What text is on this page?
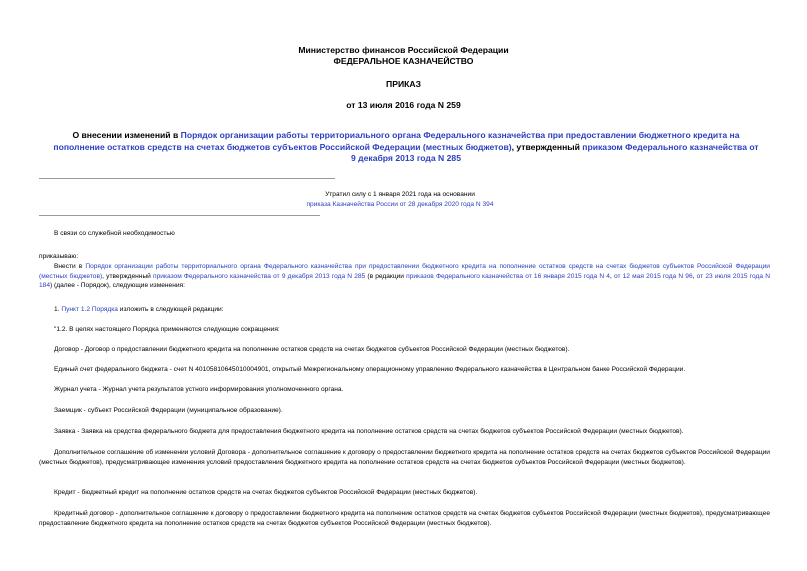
Министерство финансов Российской Федерации
ФЕДЕРАЛЬНОЕ КАЗНАЧЕЙСТВО
ПРИКАЗ
от 13 июля 2016 года N 259
О внесении изменений в Порядок организации работы территориального органа Федерального казначейства при предоставлении бюджетного кредита на пополнение остатков средств на счетах бюджетов субъектов Российской Федерации (местных бюджетов), утвержденный приказом Федерального казначейства от 9 декабря 2013 года N 285
Утратил силу с 1 января 2021 года на основании
приказа Казначейства России от 28 декабря 2020 года N 394
В связи со служебной необходимостью
приказываю:
Внести в Порядок организации работы территориального органа Федерального казначейства при предоставлении бюджетного кредита на пополнение остатков средств на счетах бюджетов субъектов Российской Федерации (местных бюджетов), утвержденный приказом Федерального казначейства от 9 декабря 2013 года N 285 (в редакции приказов Федерального казначейства от 16 января 2015 года N 4, от 12 мая 2015 года N 96, от 23 июля 2015 года N 184) (далее - Порядок), следующие изменения:
1. Пункт 1.2 Порядка изложить в следующей редакции:
"1.2. В целях настоящего Порядка применяются следующие сокращения:
Договор - Договор о предоставлении бюджетного кредита на пополнение остатков средств на счетах бюджетов субъектов Российской Федерации (местных бюджетов).
Единый счет федерального бюджета - счет N 40105810645010004901, открытый Межрегиональному операционному управлению Федерального казначейства в Центральном банке Российской Федерации.
Журнал учета - Журнал учета результатов устного информирования уполномоченного органа.
Заемщик - субъект Российской Федерации (муниципальное образование).
Заявка - Заявка на средства федерального бюджета для предоставления бюджетного кредита на пополнение остатков средств на счетах бюджетов субъектов Российской Федерации (местных бюджетов).
Дополнительное соглашение об изменении условий Договора - дополнительное соглашение к договору о предоставлении бюджетного кредита на пополнение остатков средств на счетах бюджетов субъектов Российской Федерации (местных бюджетов), предусматривающее изменения условий предоставления бюджетного кредита на пополнение остатков средств на счетах бюджетов субъектов Российской Федерации (местных бюджетов).
Кредит - бюджетный кредит на пополнение остатков средств на счетах бюджетов субъектов Российской Федерации (местных бюджетов).
Кредитный договор - дополнительное соглашение к договору о предоставлении бюджетного кредита на пополнение остатков средств на счетах бюджетов субъектов Российской Федерации (местных бюджетов), предусматривающее предоставление бюджетного кредита на пополнение остатков средств на счетах бюджетов субъектов Российской Федерации (местных бюджетов).
